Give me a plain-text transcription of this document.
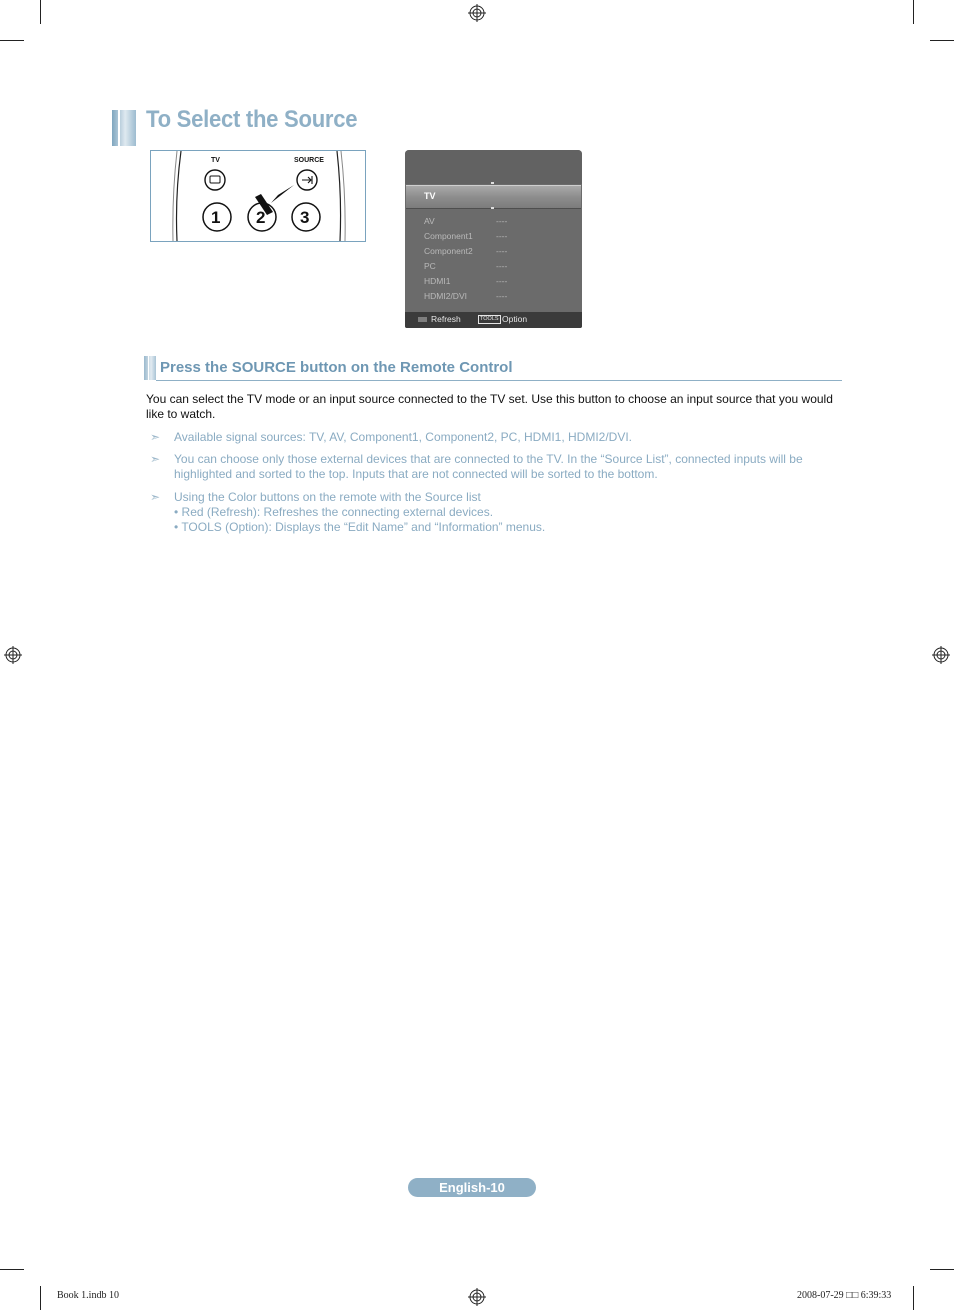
To Select the Source
TV	SOURCE
1 2 3
TV
AV	----
Component1	----
Component2	----
PC	----
HDMI1	----
HDMI2/DVI	----
Refresh	TOOLS Option
Press the SOURCE button on the Remote Control
You can select the TV mode or an input source connected to the TV set. Use this button to choose an input source that you would like to watch.
➣ Available signal sources: TV, AV, Component1, Component2, PC, HDMI1, HDMI2/DVI.
➣ You can choose only those external devices that are connected to the TV. In the “Source List”, connected inputs will be highlighted and sorted to the top. Inputs that are not connected will be sorted to the bottom.
➣ Using the Color buttons on the remote with the Source list
• Red (Refresh): Refreshes the connecting external devices.
• TOOLS (Option): Displays the “Edit Name” and “Information” menus.
English-10
Book 1.indb 10	2008-07-29 □□ 6:39:33
